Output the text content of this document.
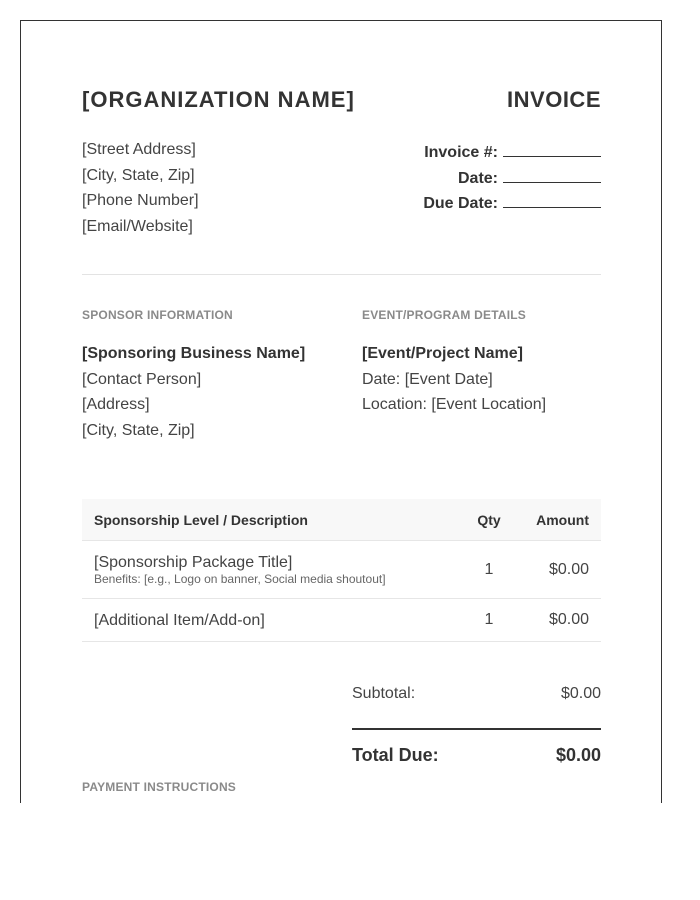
[ORGANIZATION NAME]	INVOICE
[Street Address]
[City, State, Zip]
[Phone Number]
[Email/Website]
Invoice #:
Date:
Due Date:
SPONSOR INFORMATION	EVENT/PROGRAM DETAILS
[Sponsoring Business Name]
[Contact Person]
[Address]
[City, State, Zip]
[Event/Project Name]
Date: [Event Date]
Location: [Event Location]
Sponsorship Level / Description	Qty	Amount

[Sponsorship Package Title]
Benefits: [e.g., Logo on banner, Social media shoutout]	1	$0.00

[Additional Item/Add-on]	1	$0.00
Subtotal:	$0.00
Total Due:	$0.00
PAYMENT INSTRUCTIONS
